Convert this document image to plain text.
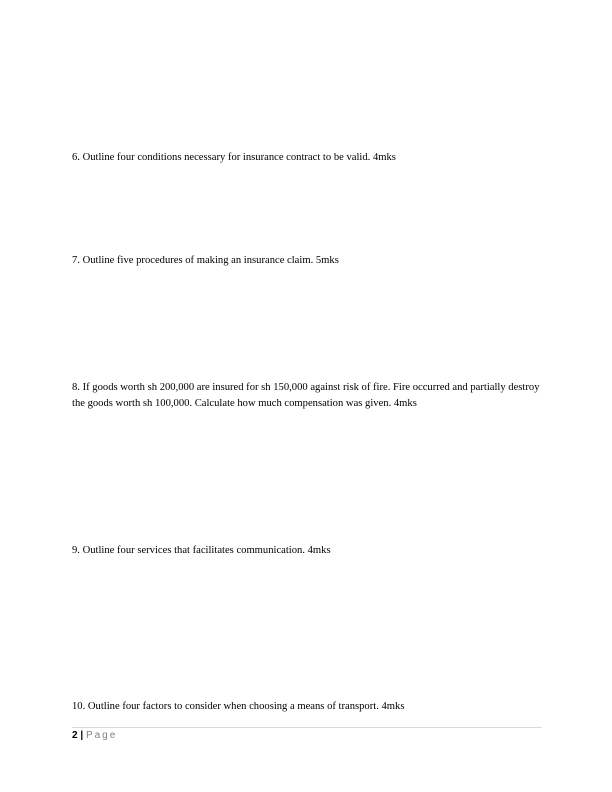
6. Outline four conditions necessary for insurance contract to be valid. 4mks
7. Outline five procedures of making an insurance claim. 5mks
8. If goods worth sh 200,000 are insured for sh 150,000 against risk of fire. Fire occurred and partially destroy the goods worth sh 100,000. Calculate how much compensation was given. 4mks
9. Outline four services that facilitates communication. 4mks
10. Outline four factors to consider when choosing a means of transport. 4mks
2 | Page
